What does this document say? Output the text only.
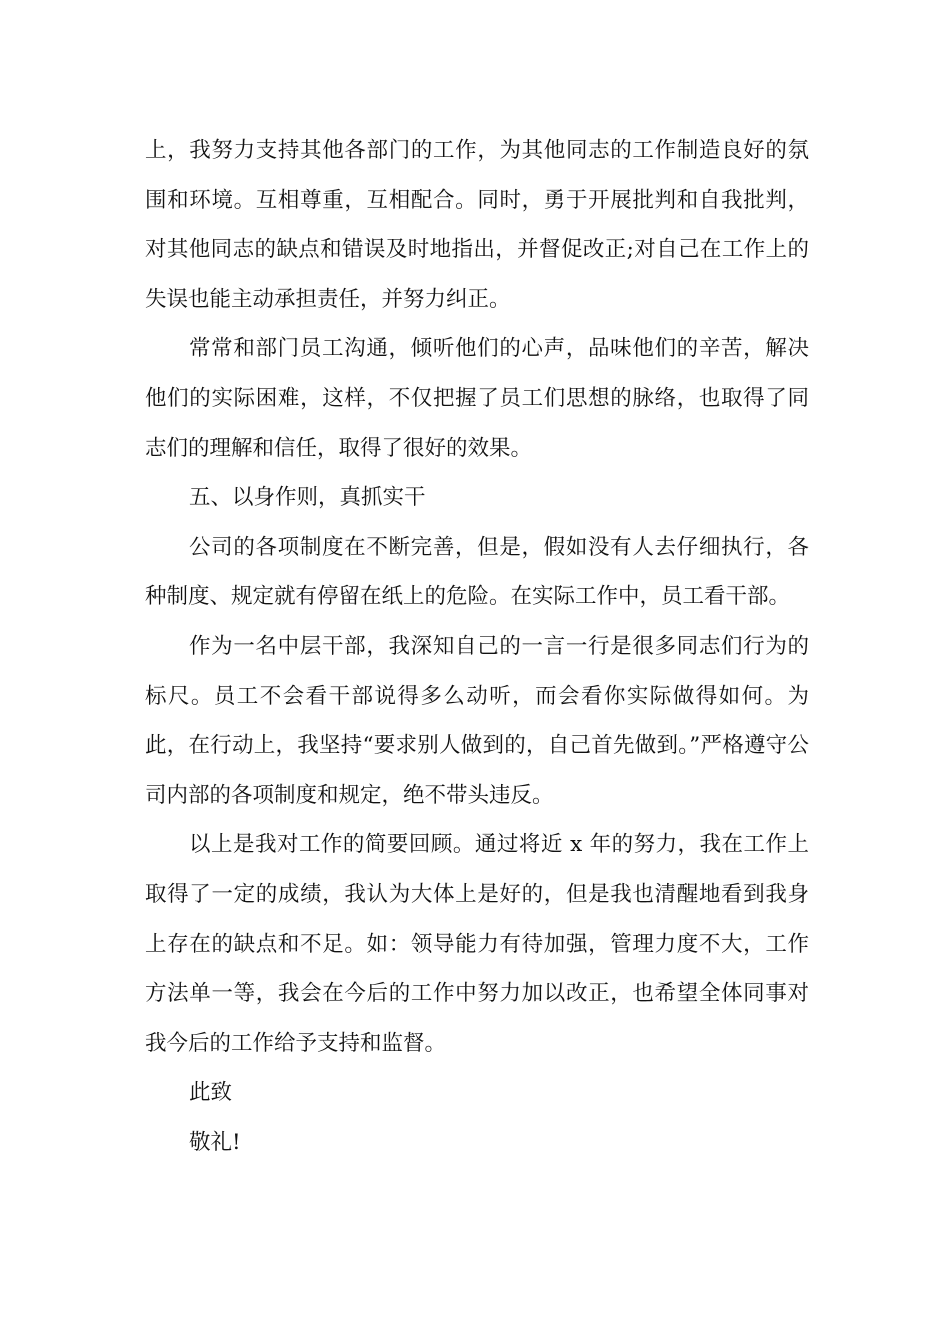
上，我努力支持其他各部门的工作，为其他同志的工作制造良好的氛围和环境。互相尊重，互相配合。同时，勇于开展批判和自我批判，对其他同志的缺点和错误及时地指出，并督促改正;对自己在工作上的失误也能主动承担责任，并努力纠正。

常常和部门员工沟通，倾听他们的心声，品味他们的辛苦，解决他们的实际困难，这样，不仅把握了员工们思想的脉络，也取得了同志们的理解和信任，取得了很好的效果。

五、以身作则，真抓实干

公司的各项制度在不断完善，但是，假如没有人去仔细执行，各种制度、规定就有停留在纸上的危险。在实际工作中，员工看干部。

作为一名中层干部，我深知自己的一言一行是很多同志们行为的标尺。员工不会看干部说得多么动听，而会看你实际做得如何。为此，在行动上，我坚持“要求别人做到的，自己首先做到。”严格遵守公司内部的各项制度和规定，绝不带头违反。

以上是我对工作的简要回顾。通过将近 x 年的努力，我在工作上取得了一定的成绩，我认为大体上是好的，但是我也清醒地看到我身上存在的缺点和不足。如：领导能力有待加强，管理力度不大，工作方法单一等，我会在今后的工作中努力加以改正，也希望全体同事对我今后的工作给予支持和监督。

此致

敬礼!
